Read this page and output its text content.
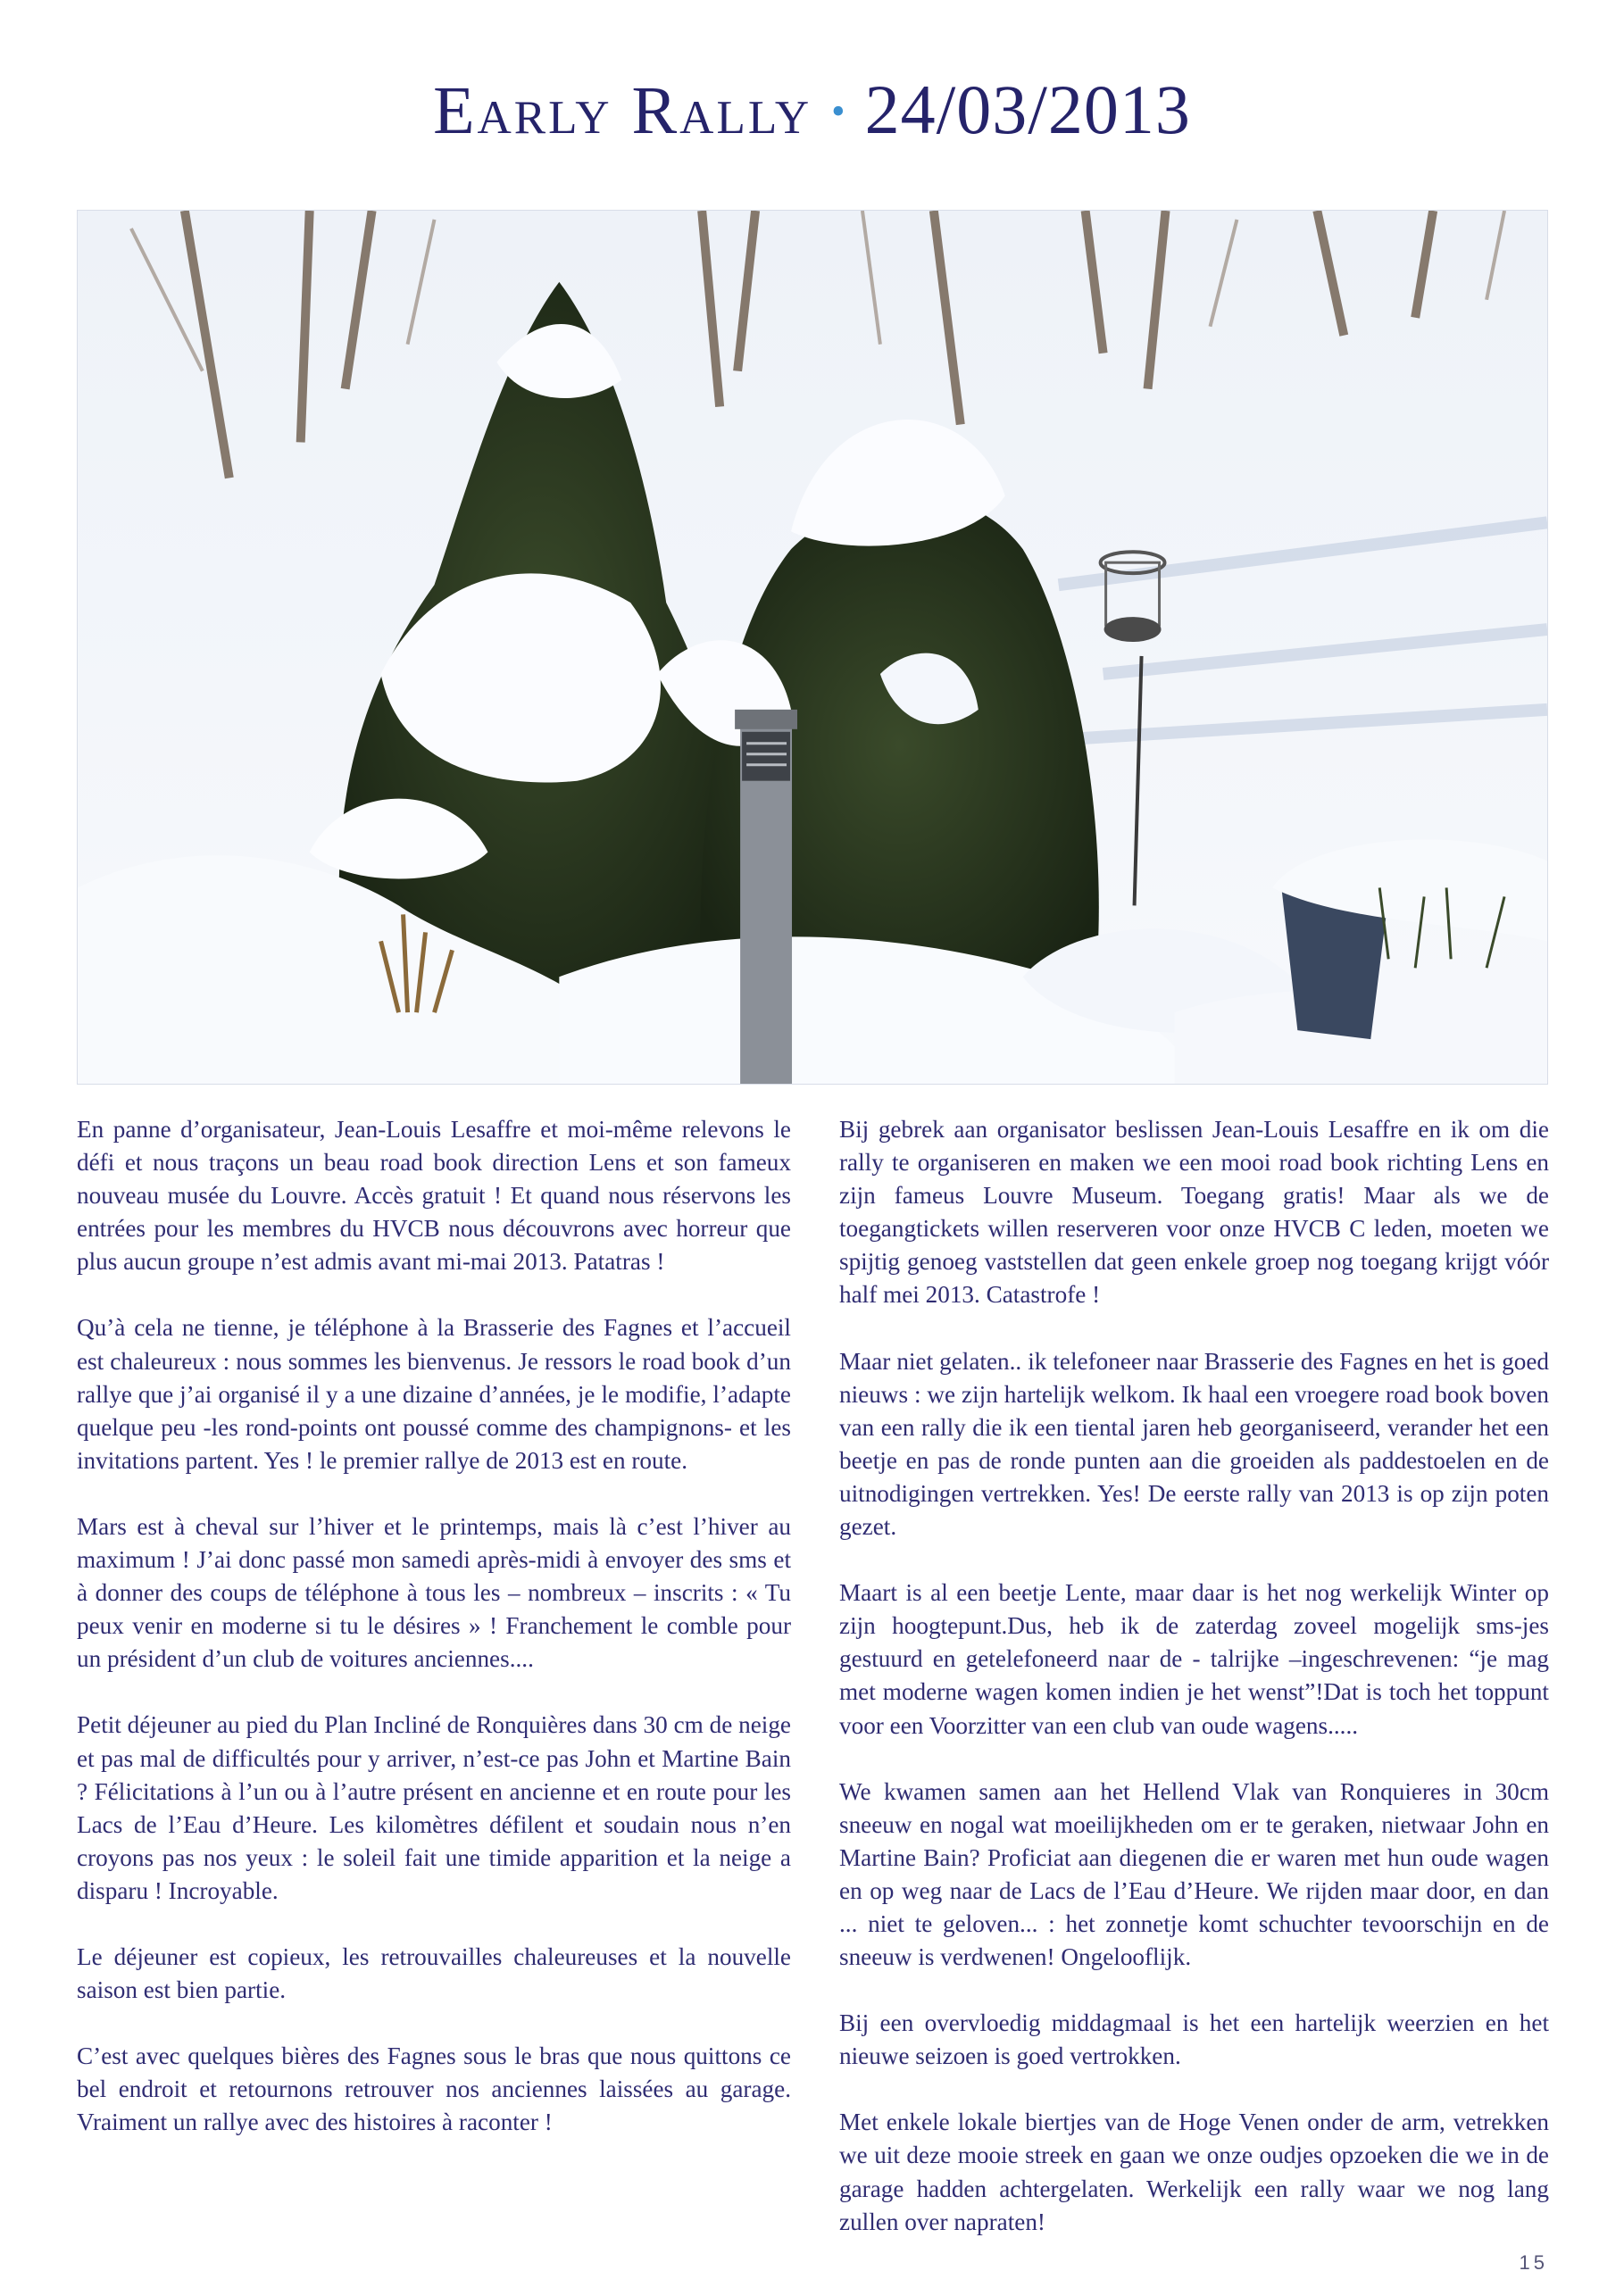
Early Rally • 24/03/2013

En panne d’organisateur, Jean-Louis Lesaffre et moi-même relevons le défi et nous traçons un beau road book direction Lens et son fameux nouveau musée du Louvre. Accès gratuit ! Et quand nous réservons les entrées pour les membres du HVCB nous découvrons avec horreur que plus aucun groupe n’est admis avant mi-mai 2013. Patatras !

Qu’à cela ne tienne, je téléphone à la Brasserie des Fagnes et l’accueil est chaleureux : nous sommes les bienvenus. Je ressors le road book d’un rallye que j’ai organisé il y a une dizaine d’années, je le modifie, l’adapte quelque peu -les rond-points ont poussé comme des champignons- et les invitations partent. Yes ! le premier rallye de 2013 est en route.

Mars est à cheval sur l’hiver et le printemps, mais là c’est l’hiver au maximum ! J’ai donc passé mon samedi après-midi à envoyer des sms et à donner des coups de téléphone à tous les – nombreux – inscrits : « Tu peux venir en moderne si tu le désires » ! Franchement le comble pour un président d’un club de voitures anciennes....

Petit déjeuner au pied du Plan Incliné de Ronquières dans 30 cm de neige et pas mal de difficultés pour y arriver, n’est-ce pas John et Martine Bain ? Félicitations à l’un ou à l’autre présent en ancienne et en route pour les Lacs de l’Eau d’Heure. Les kilomètres défilent et soudain nous n’en croyons pas nos yeux : le soleil fait une timide apparition et la neige a disparu ! Incroyable.

Le déjeuner est copieux, les retrouvailles chaleureuses et la nouvelle saison est bien partie.

C’est avec quelques bières des Fagnes sous le bras que nous quittons ce bel endroit et retournons retrouver nos anciennes laissées au garage. Vraiment un rallye avec des histoires à raconter !

Bij gebrek aan organisator beslissen Jean-Louis Lesaffre en ik om die rally te organiseren en maken we een mooi road book richting Lens en zijn fameus Louvre Museum. Toegang gratis! Maar als we de toegangtickets willen reserveren voor onze HVCB C leden, moeten we spijtig genoeg vaststellen dat geen enkele groep nog toegang krijgt vóór half mei 2013. Catastrofe !

Maar niet gelaten.. ik telefoneer naar Brasserie des Fagnes en het is goed nieuws : we zijn hartelijk welkom. Ik haal een vroegere road book boven van een rally die ik een tiental jaren heb georganiseerd, verander het een beetje en pas de ronde punten aan die groeiden als paddestoelen en de uitnodigingen vertrekken. Yes! De eerste rally van 2013 is op zijn poten gezet.

Maart is al een beetje Lente, maar daar is het nog werkelijk Winter op zijn hoogtepunt.Dus, heb ik de zaterdag zoveel mogelijk sms-jes gestuurd en getelefoneerd naar de - talrijke –ingeschrevenen: “je mag met moderne wagen komen indien je het wenst”!Dat is toch het toppunt voor een Voorzitter van een club van oude wagens.....

We kwamen samen aan het Hellend Vlak van Ronquieres in 30cm sneeuw en nogal wat moeilijkheden om er te geraken, nietwaar John en Martine Bain? Proficiat aan diegenen die er waren met hun oude wagen en op weg naar de Lacs de l’Eau d’Heure. We rijden maar door, en dan ... niet te geloven... : het zonnetje komt schuchter tevoorschijn en de sneeuw is verdwenen! Ongelooflijk.

Bij een overvloedig middagmaal is het een hartelijk weerzien en het nieuwe seizoen is goed vertrokken.

Met enkele lokale biertjes van de Hoge Venen onder de arm, vetrekken we uit deze mooie streek en gaan we onze oudjes opzoeken die we in de garage hadden achtergelaten. Werkelijk een rally waar we nog lang zullen over napraten!

15
